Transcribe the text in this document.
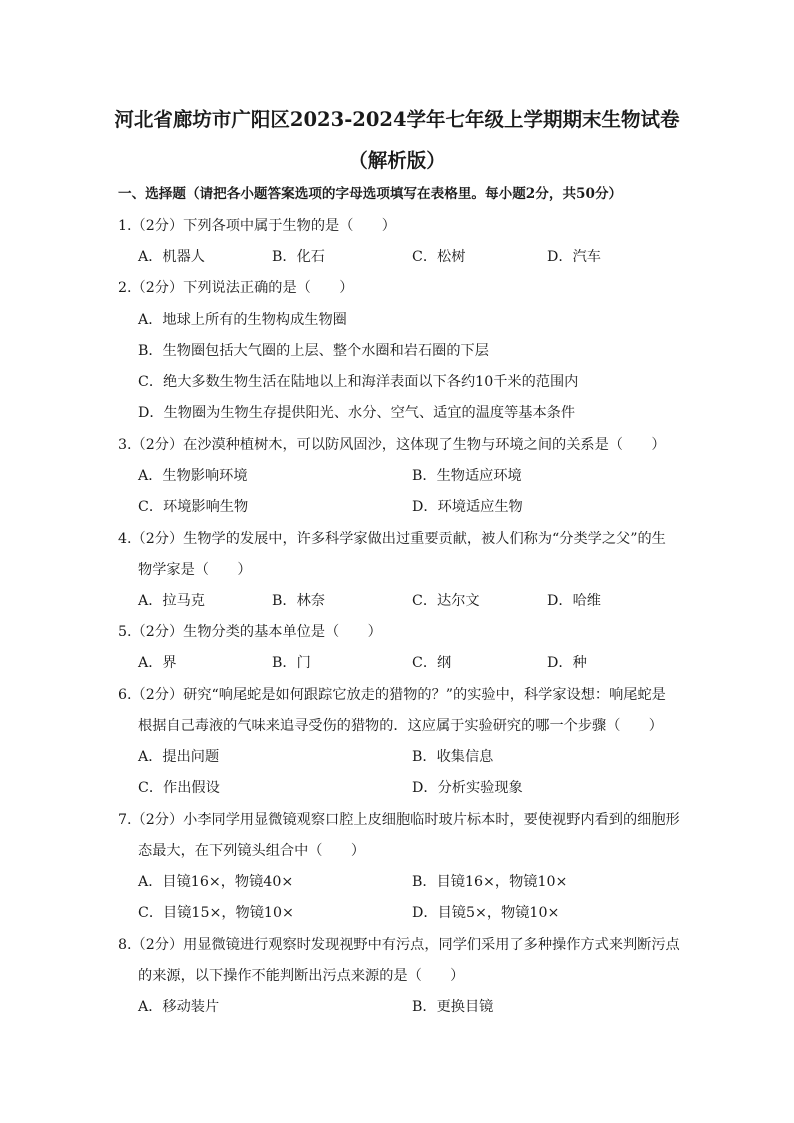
河北省廊坊市广阳区2023-2024学年七年级上学期期末生物试卷
（解析版）
一、选择题（请把各小题答案选项的字母选项填写在表格里。每小题2分，共50分）
1.（2分）下列各项中属于生物的是（　　）
A．机器人	B．化石	C．松树	D．汽车
2.（2分）下列说法正确的是（　　）
A．地球上所有的生物构成生物圈
B．生物圈包括大气圈的上层、整个水圈和岩石圈的下层
C．绝大多数生物生活在陆地以上和海洋表面以下各约10千米的范围内
D．生物圈为生物生存提供阳光、水分、空气、适宜的温度等基本条件
3.（2分）在沙漠种植树木，可以防风固沙，这体现了生物与环境之间的关系是（　　）
A．生物影响环境	B．生物适应环境
C．环境影响生物	D．环境适应生物
4.（2分）生物学的发展中，许多科学家做出过重要贡献，被人们称为“分类学之父”的生
物学家是（　　）
A．拉马克	B．林奈	C．达尔文	D．哈维
5.（2分）生物分类的基本单位是（　　）
A．界	B．门	C．纲	D．种
6.（2分）研究“响尾蛇是如何跟踪它放走的猎物的？”的实验中，科学家设想：响尾蛇是
根据自己毒液的气味来追寻受伤的猎物的．这应属于实验研究的哪一个步骤（　　）
A．提出问题	B．收集信息
C．作出假设	D．分析实验现象
7.（2分）小李同学用显微镜观察口腔上皮细胞临时玻片标本时，要使视野内看到的细胞形
态最大，在下列镜头组合中（　　）
A．目镜16×，物镜40×	B．目镜16×，物镜10×
C．目镜15×，物镜10×	D．目镜5×，物镜10×
8.（2分）用显微镜进行观察时发现视野中有污点，同学们采用了多种操作方式来判断污点
的来源，以下操作不能判断出污点来源的是（　　）
A．移动装片	B．更换目镜
